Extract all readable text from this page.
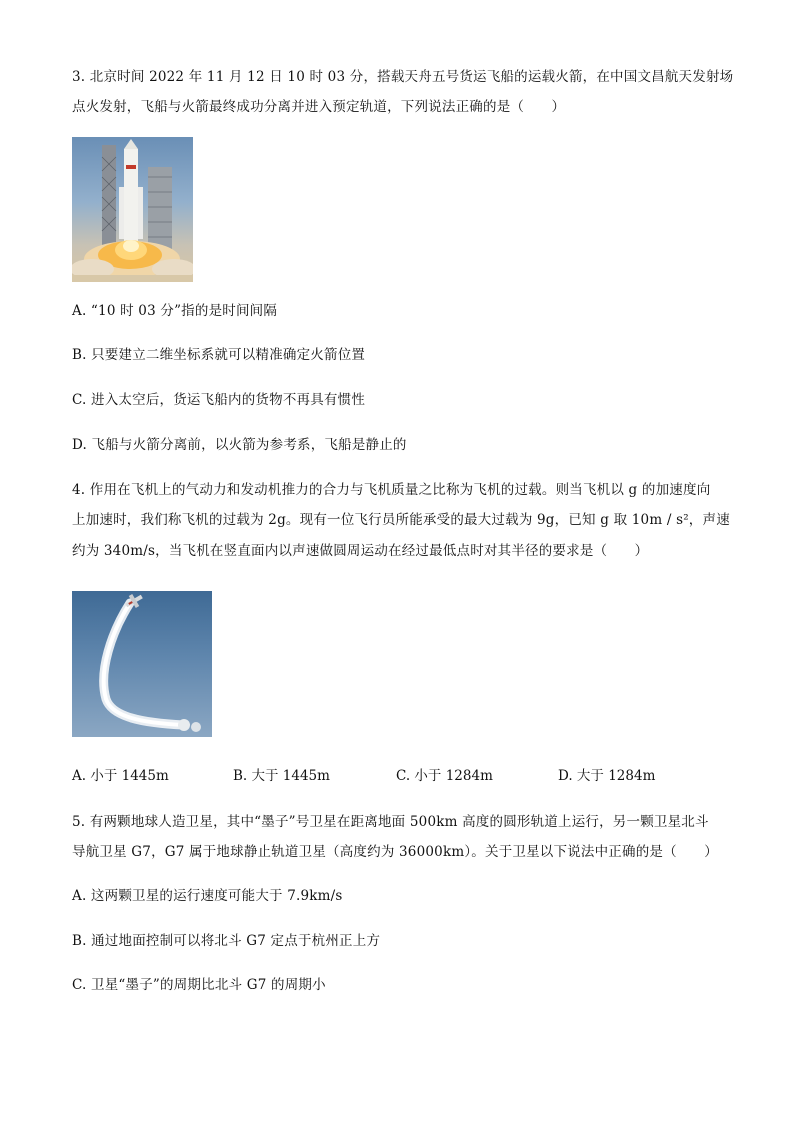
3. 北京时间 2022 年 11 月 12 日 10 时 03 分，搭载天舟五号货运飞船的运载火箭，在中国文昌航天发射场
点火发射，飞船与火箭最终成功分离并进入预定轨道，下列说法正确的是（　　）
A. “10 时 03 分”指的是时间间隔
B. 只要建立二维坐标系就可以精准确定火箭位置
C. 进入太空后，货运飞船内的货物不再具有惯性
D. 飞船与火箭分离前，以火箭为参考系，飞船是静止的
4. 作用在飞机上的气动力和发动机推力的合力与飞机质量之比称为飞机的过载。则当飞机以 g 的加速度向
上加速时，我们称飞机的过载为 2g。现有一位飞行员所能承受的最大过载为 9g，已知 g 取 10m / s²，声速
约为 340m/s，当飞机在竖直面内以声速做圆周运动在经过最低点时对其半径的要求是（　　）
A. 小于 1445m	B. 大于 1445m	C. 小于 1284m	D. 大于 1284m
5. 有两颗地球人造卫星，其中“墨子”号卫星在距离地面 500km 高度的圆形轨道上运行，另一颗卫星北斗
导航卫星 G7，G7 属于地球静止轨道卫星（高度约为 36000km）。关于卫星以下说法中正确的是（　　）
A. 这两颗卫星的运行速度可能大于 7.9km/s
B. 通过地面控制可以将北斗 G7 定点于杭州正上方
C. 卫星“墨子”的周期比北斗 G7 的周期小
